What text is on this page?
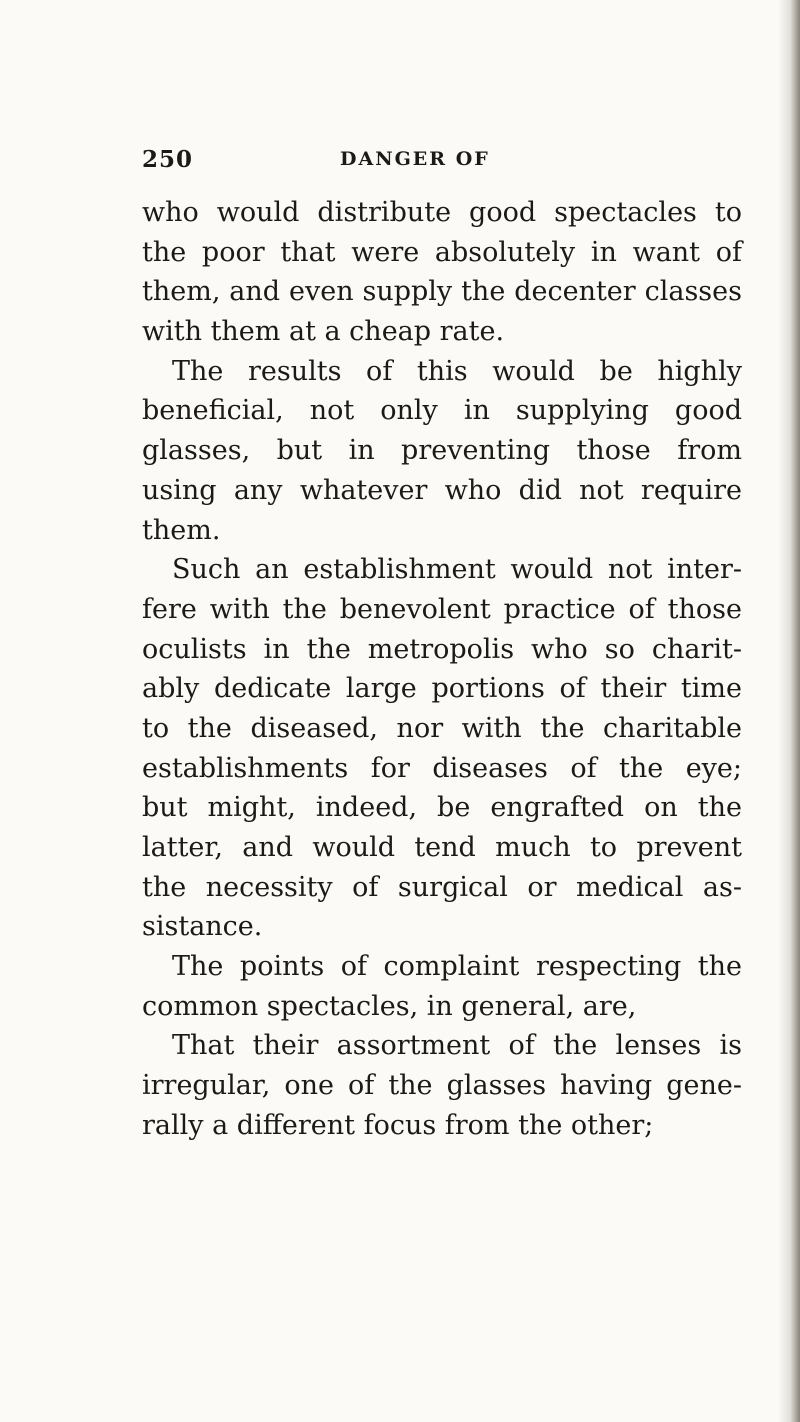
250	DANGER OF
who would distribute good spectacles to
the poor that were absolutely in want of
them, and even supply the decenter classes
with them at a cheap rate.
The results of this would be highly
beneficial, not only in supplying good
glasses, but in preventing those from
using any whatever who did not require
them.
Such an establishment would not inter-
fere with the benevolent practice of those
oculists in the metropolis who so charit-
ably dedicate large portions of their time
to the diseased, nor with the charitable
establishments for diseases of the eye;
but might, indeed, be engrafted on the
latter, and would tend much to prevent
the necessity of surgical or medical as-
sistance.
The points of complaint respecting the
common spectacles, in general, are,
That their assortment of the lenses is
irregular, one of the glasses having gene-
rally a different focus from the other;
